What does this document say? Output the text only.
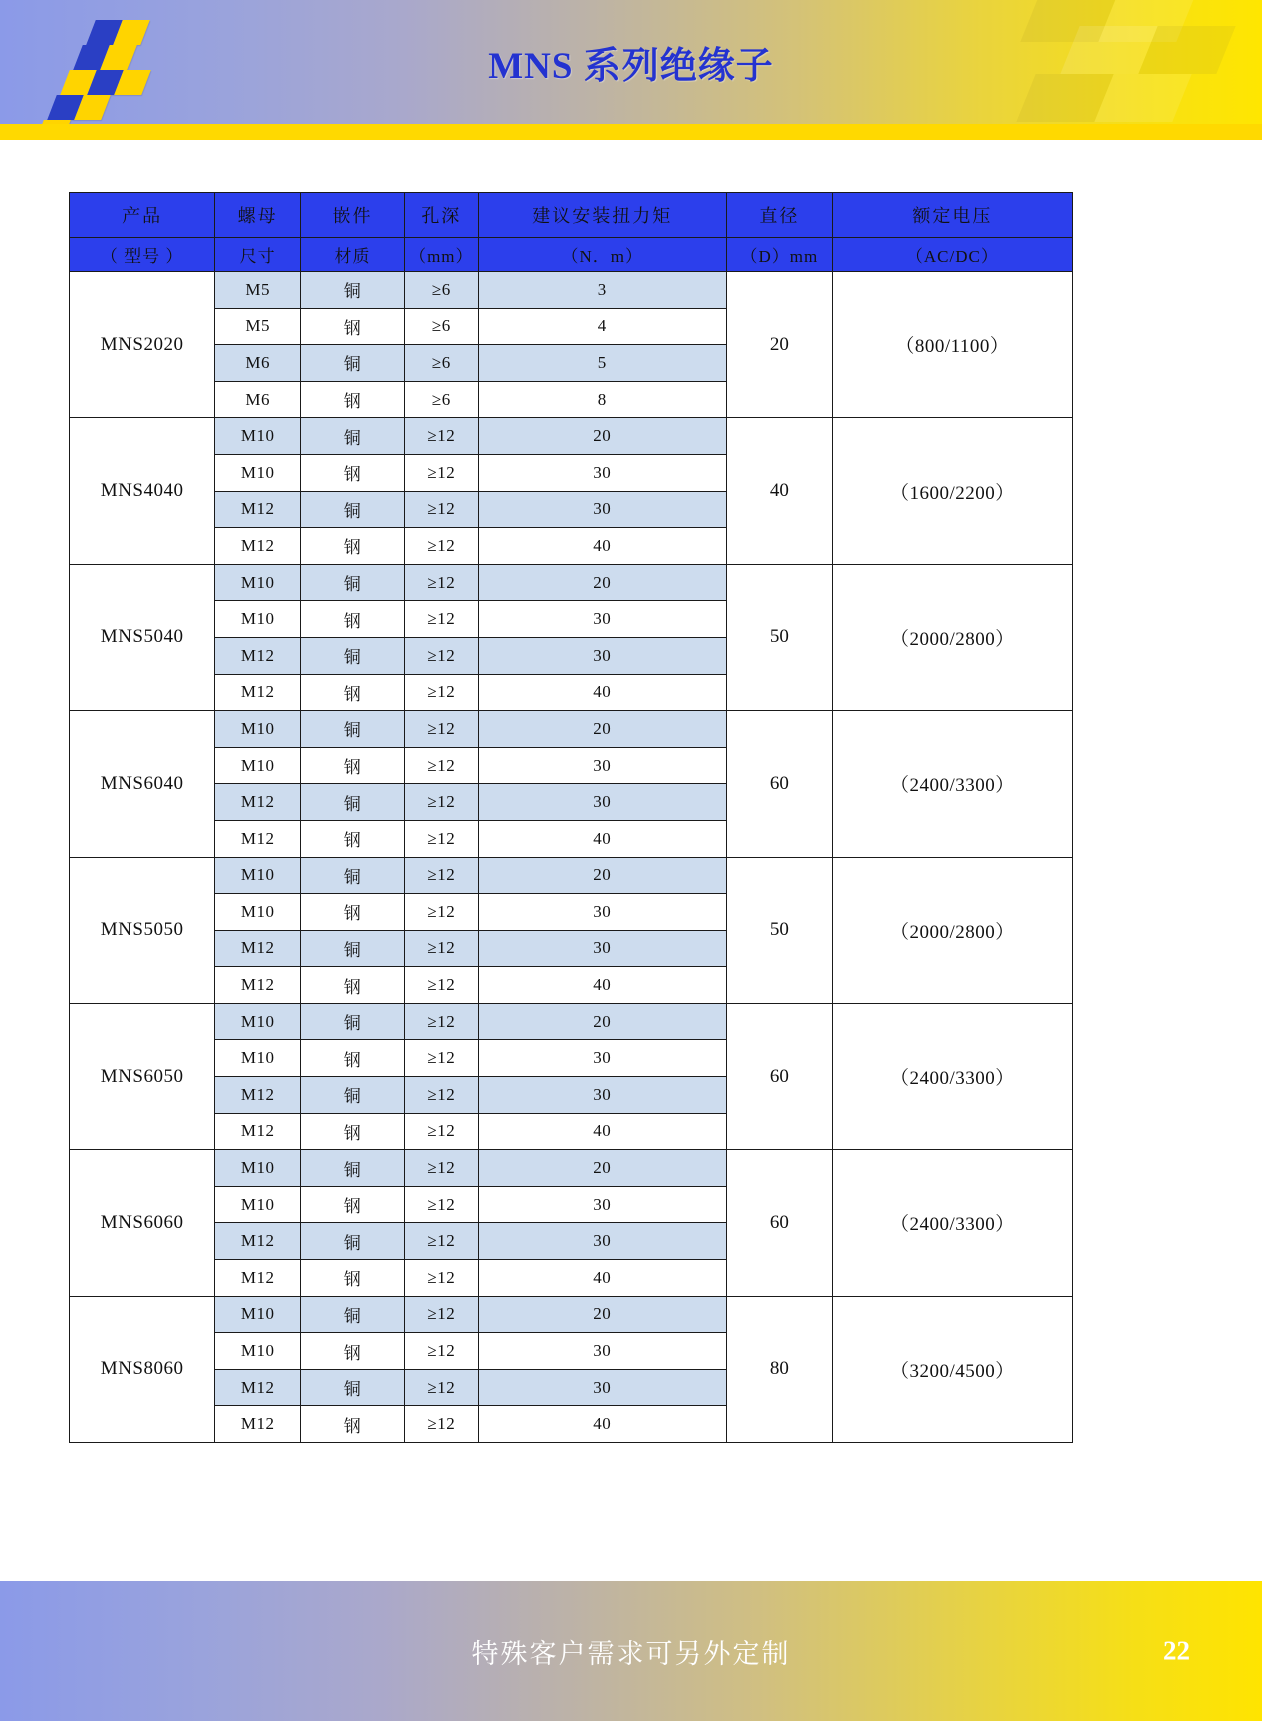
MNS 系列绝缘子
产品	螺母	嵌件	孔深	建议安装扭力矩	直径	额定电压
（ 型号 ）	尺寸	材质	（mm）	（N．m）	（D）mm	（AC/DC）
MNS2020	M5	铜	≥6	3	20	（800/1100）
	M5	钢	≥6	4		
	M6	铜	≥6	5		
	M6	钢	≥6	8		
MNS4040	M10	铜	≥12	20	40	（1600/2200）
	M10	钢	≥12	30		
	M12	铜	≥12	30		
	M12	钢	≥12	40		
MNS5040	M10	铜	≥12	20	50	（2000/2800）
	M10	钢	≥12	30		
	M12	铜	≥12	30		
	M12	钢	≥12	40		
MNS6040	M10	铜	≥12	20	60	（2400/3300）
	M10	钢	≥12	30		
	M12	铜	≥12	30		
	M12	钢	≥12	40		
MNS5050	M10	铜	≥12	20	50	（2000/2800）
	M10	钢	≥12	30		
	M12	铜	≥12	30		
	M12	钢	≥12	40		
MNS6050	M10	铜	≥12	20	60	（2400/3300）
	M10	钢	≥12	30		
	M12	铜	≥12	30		
	M12	钢	≥12	40		
MNS6060	M10	铜	≥12	20	60	（2400/3300）
	M10	钢	≥12	30		
	M12	铜	≥12	30		
	M12	钢	≥12	40		
MNS8060	M10	铜	≥12	20	80	（3200/4500）
	M10	钢	≥12	30		
	M12	铜	≥12	30		
	M12	钢	≥12	40		
特殊客户需求可另外定制	22
